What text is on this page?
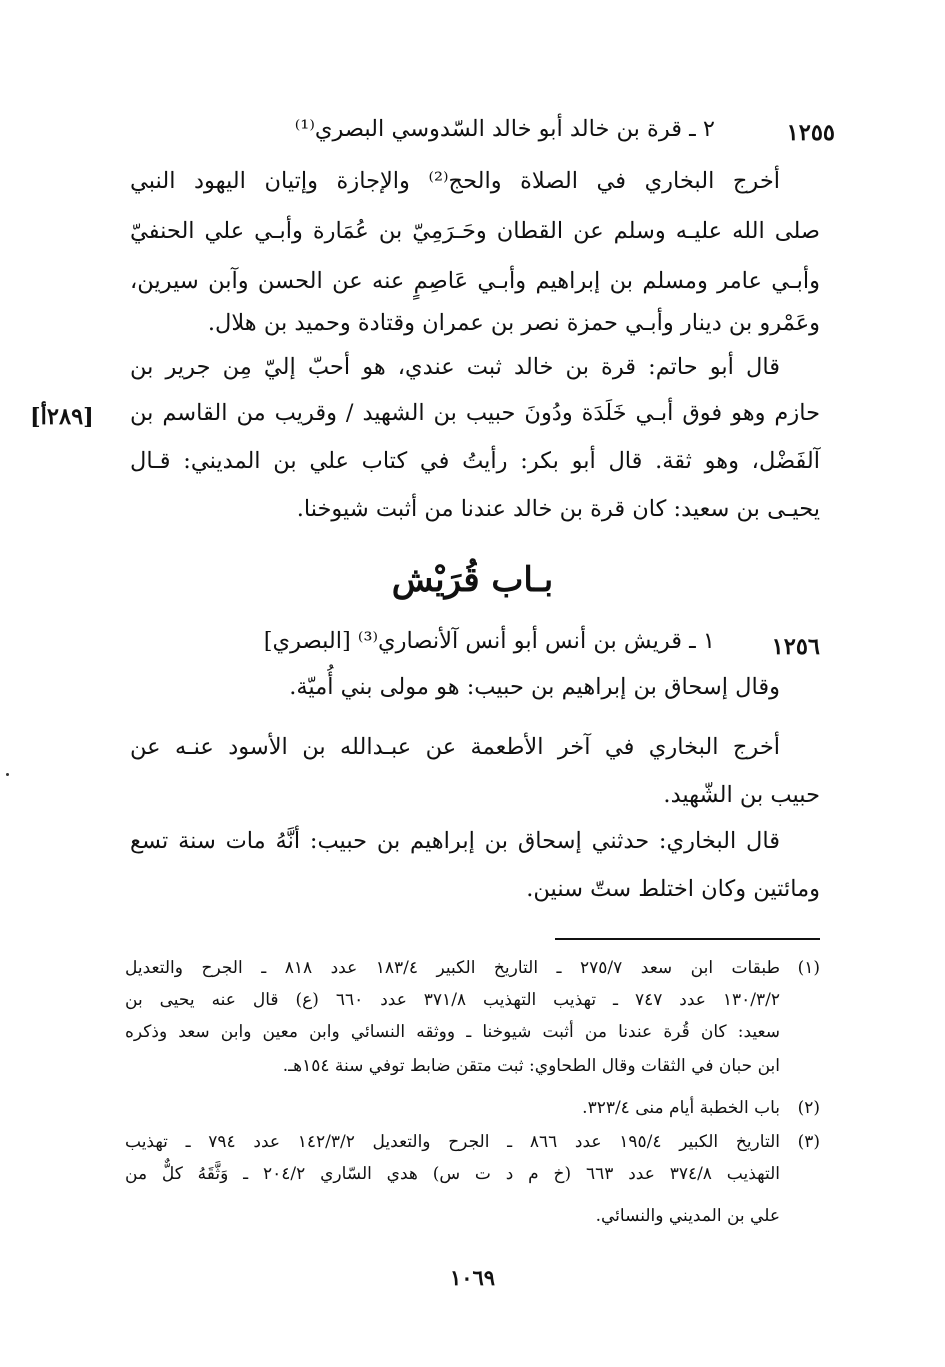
١٢٥٥
٢ ـ قرة بن خالد أبو خالد السّدوسي البصري⁽¹⁾
أخرج البخاري في الصلاة والحج⁽²⁾ والإجازة وإتيان اليهود النبي
صلى الله عليـه وسلم عن القطان وحَـرَمِيّ بن عُمَارة وأبـي علي الحنفيّ
وأبـي عامر ومسلم بن إبراهيم وأبـي عَاصِمٍ عنه عن الحسن وآبن سيرين،
وعَمْرو بن دينار وأبـي حمزة نصر بن عمران وقتادة وحميد بن هلال.
قال أبو حاتم: قرة بن خالد ثبت عندي، هو أحبّ إليّ مِن جرير بن
حازم وهو فوق أبـي خَلَدَة ودُونَ حبيب بن الشهيد / وقريب من القاسم بن
[٢٨٩أ]
آلفَضْل، وهو ثقة. قال أبو بكر: رأيتُ في كتاب علي بن المديني: قـال
يحيـى بن سعيد: كان قرة بن خالد عندنا من أثبت شيوخنا.
بـاب قُرَيْش
١٢٥٦
١ ـ قريش بن أنس أبو أنس آلأنصاري⁽³⁾ [البصري]
وقال إسحاق بن إبراهيم بن حبيب: هو مولى بني أُميّة.
أخرج البخاري في آخر الأطعمة عن عبـدالله بن الأسود عنـه عن
حبيب بن الشّهيد.
قال البخاري: حدثني إسحاق بن إبراهيم بن حبيب: أنَّهُ مات سنة تسع
ومائتين وكان اختلط ستّ سنين.
(١)
طبقات ابن سعد ٢٧٥/٧ ـ التاريخ الكبير ١٨٣/٤ عدد ٨١٨ ـ الجرح والتعديل
١٣٠/٣/٢ عدد ٧٤٧ ـ تهذيب التهذيب ٣٧١/٨ عدد ٦٦٠ (ع) قال عنه يحيى بن
سعيد: كان قُرة عندنا من أثبت شيوخنا ـ ووثقه النسائي وابن معين وابن سعد وذكره
ابن حبان في الثقات وقال الطحاوي: ثبت متقن ضابط توفي سنة ١٥٤هـ.
(٢)
باب الخطبة أيام منى ٣٢٣/٤.
(٣)
التاريخ الكبير ١٩٥/٤ عدد ٨٦٦ ـ الجرح والتعديل ١٤٢/٣/٢ عدد ٧٩٤ ـ تهذيب
التهذيب ٣٧٤/٨ عدد ٦٦٣ (خ م د ت س) هدي السّاري ٢٠٤/٢ ـ وَثَّقَهُ كلٌّ من
علي بن المديني والنسائي.
١٠٦٩
